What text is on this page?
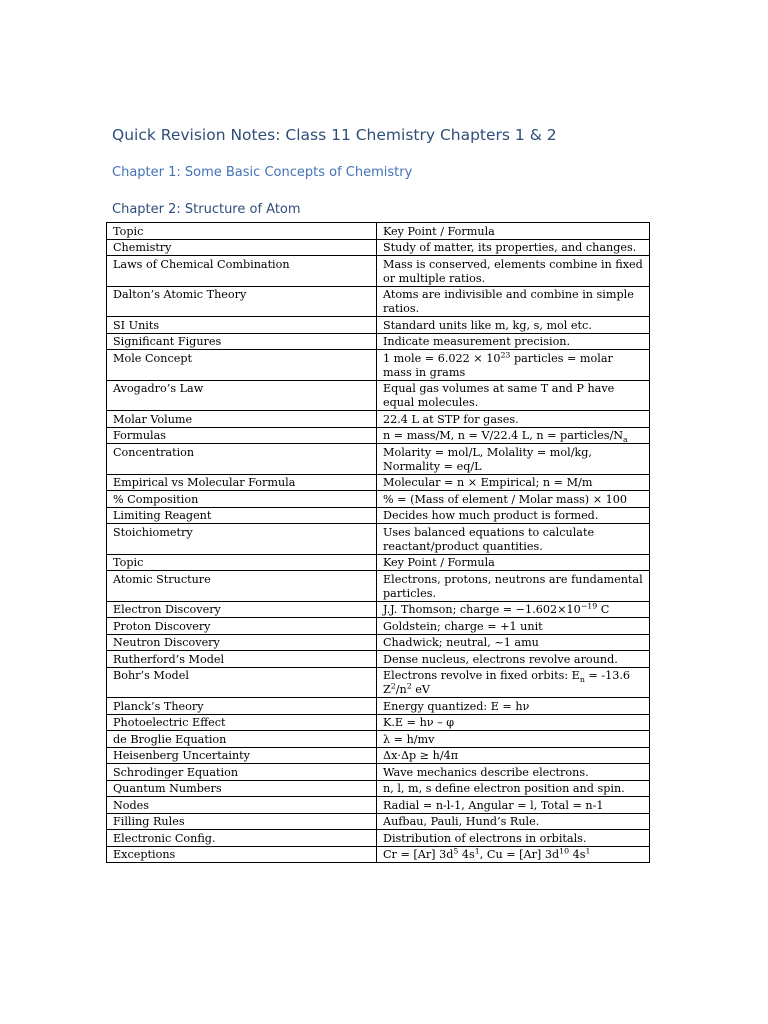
Quick Revision Notes: Class 11 Chemistry Chapters 1 & 2
Chapter 1: Some Basic Concepts of Chemistry
Chapter 2: Structure of Atom
Topic	Key Point / Formula
Chemistry	Study of matter, its properties, and changes.
Laws of Chemical Combination	Mass is conserved, elements combine in fixed or multiple ratios.
Dalton’s Atomic Theory	Atoms are indivisible and combine in simple ratios.
SI Units	Standard units like m, kg, s, mol etc.
Significant Figures	Indicate measurement precision.
Mole Concept	1 mole = $6.022 \times 10^{23}$ particles = molar mass in grams
Avogadro’s Law	Equal gas volumes at same T and P have equal molecules.
Molar Volume	22.4 L at STP for gases.
Formulas	n = mass/M, n = V/22.4 L, n = particles/$N_a$
Concentration	Molarity = mol/L, Molality = mol/kg, Normality = eq/L
Empirical vs Molecular Formula	Molecular = n × Empirical; n = M/m
% Composition	% = (Mass of element / Molar mass) × 100
Limiting Reagent	Decides how much product is formed.
Stoichiometry	Uses balanced equations to calculate reactant/product quantities.
Topic	Key Point / Formula
Atomic Structure	Electrons, protons, neutrons are fundamental particles.
Electron Discovery	J.J. Thomson; charge = $-1.602\times 10^{-19}$ C
Proton Discovery	Goldstein; charge = +1 unit
Neutron Discovery	Chadwick; neutral, ~1 amu
Rutherford’s Model	Dense nucleus, electrons revolve around.
Bohr’s Model	Electrons revolve in fixed orbits: $E_n = -13.6$ $Z^2/n^2$ eV
Planck’s Theory	Energy quantized: E = hν
Photoelectric Effect	K.E = hν – φ
de Broglie Equation	λ = h/mv
Heisenberg Uncertainty	Δx·Δp ≥ h/4π
Schrodinger Equation	Wave mechanics describe electrons.
Quantum Numbers	n, l, m, s define electron position and spin.
Nodes	Radial = n-l-1, Angular = l, Total = n-1
Filling Rules	Aufbau, Pauli, Hund’s Rule.
Electronic Config.	Distribution of electrons in orbitals.
Exceptions	Cr = [Ar] $3d^5$ $4s^1$, Cu = [Ar] $3d^{10}$ $4s^1$
